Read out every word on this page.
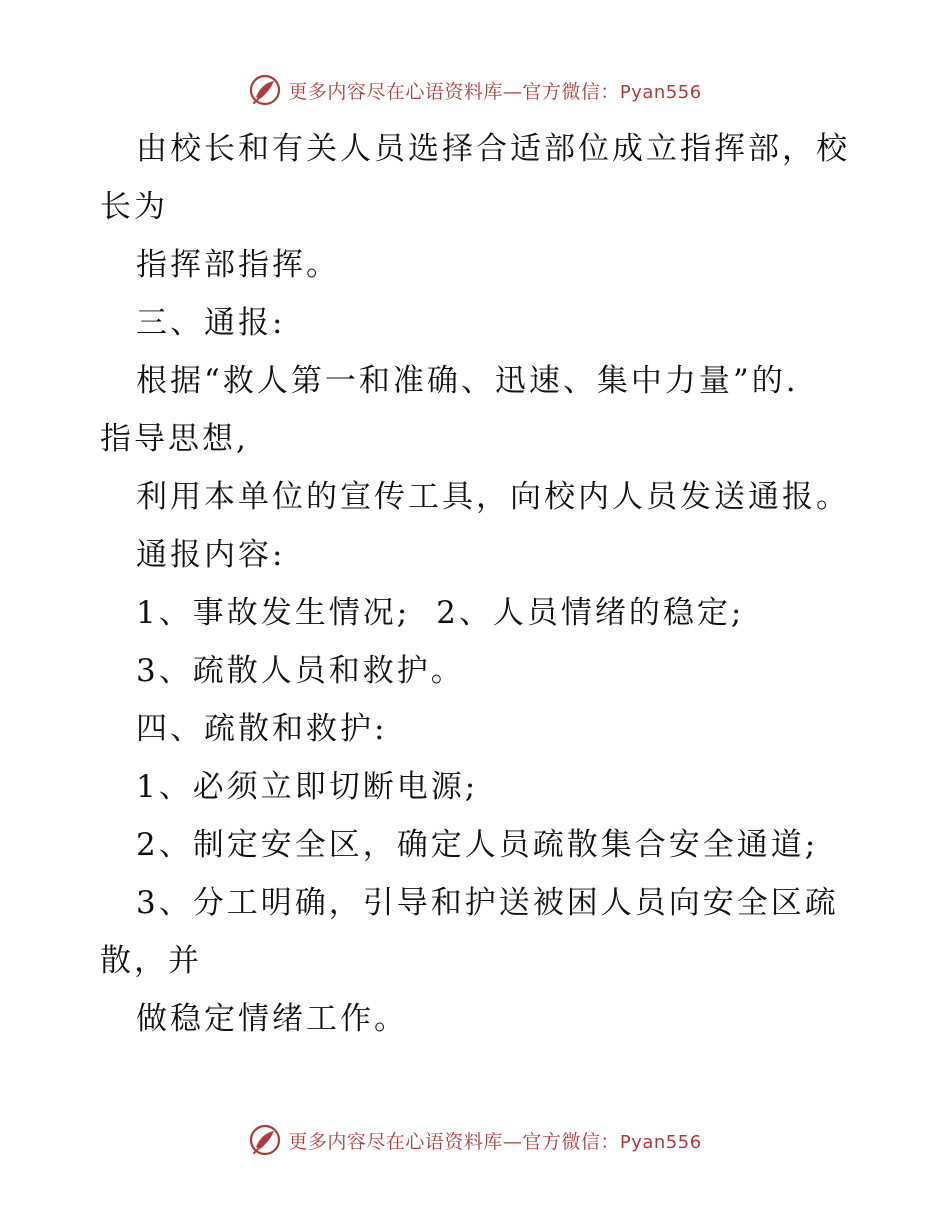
更多内容尽在心语资料库—官方微信：Pyan556
由校长和有关人员选择合适部位成立指挥部，校
长为
指挥部指挥。
三、通报:
根据“救人第一和准确、迅速、集中力量”的.
指导思想,
利用本单位的宣传工具，向校内人员发送通报。
通报内容:
1、事故发生情况; 2、人员情绪的稳定;
3、疏散人员和救护。
四、疏散和救护:
1、必须立即切断电源;
2、制定安全区，确定人员疏散集合安全通道;
3、分工明确，引导和护送被困人员向安全区疏
散，并
做稳定情绪工作。
更多内容尽在心语资料库—官方微信：Pyan556
